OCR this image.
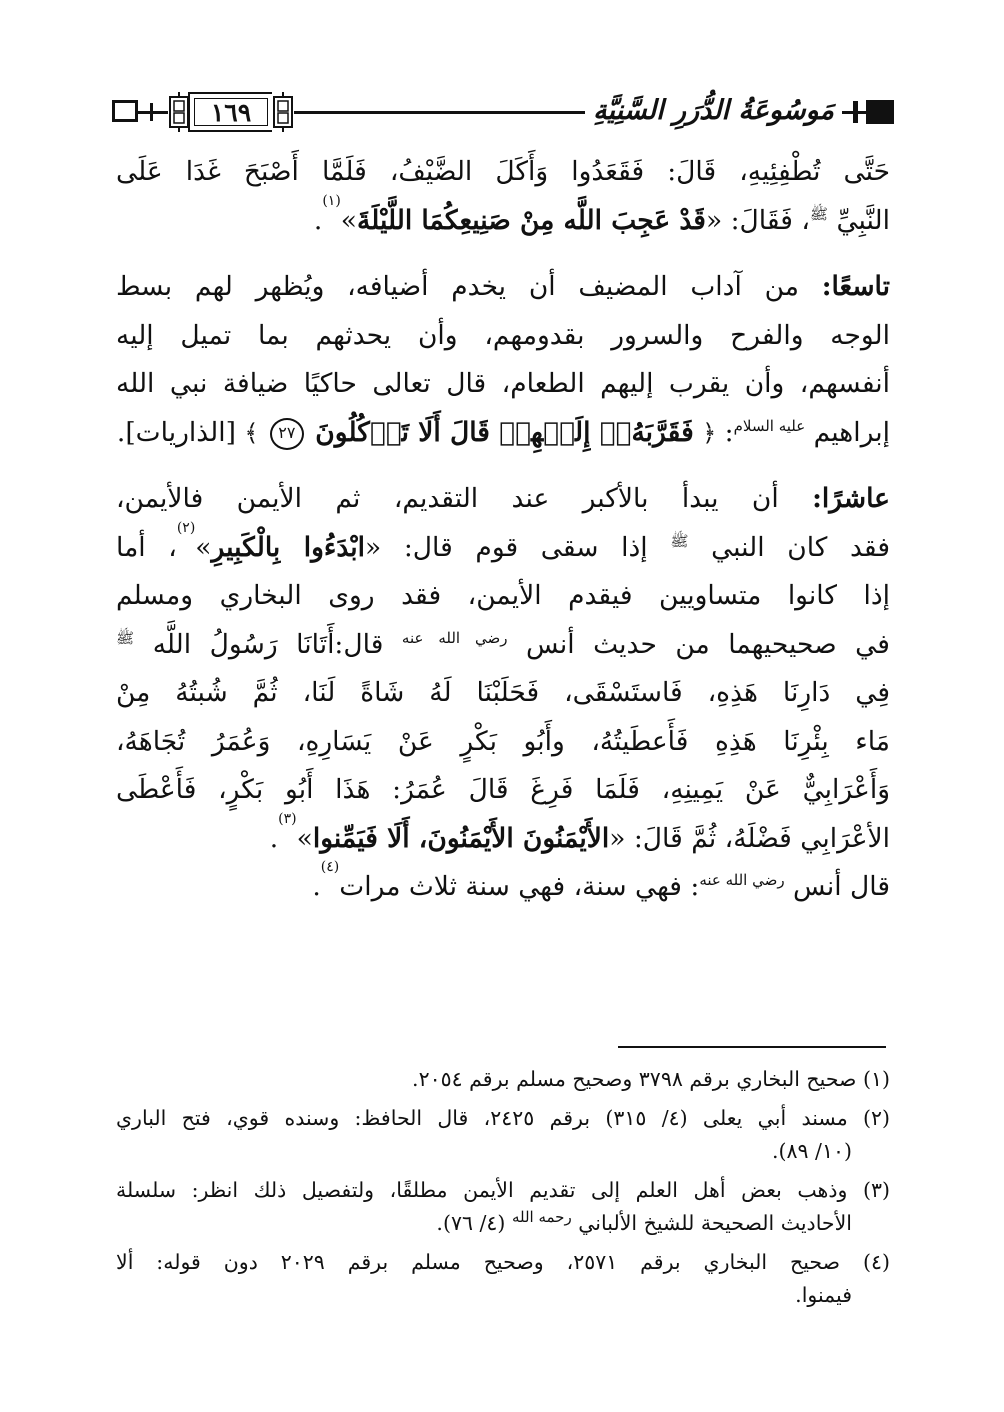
١٦٩	مَوسُوعَةُ الدُّرَرِ السَّنِيَّةِ
حَتَّى تُطْفِئِيهِ، قَالَ: فَقَعَدُوا وَأَكَلَ الضَّيْفُ، فَلَمَّا أَصْبَحَ غَدَا عَلَى
النَّبِيِّ $^ﷺ$، فَقَالَ: «قَدْ عَجِبَ اللَّه مِنْ صَنِيعِكُمَا اللَّيْلَةَ»$^{(١)}$.
تاسعًا: من آداب المضيف أن يخدم أضيافه، ويُظهر لهم بسط
الوجه والفرح والسرور بقدومهم، وأن يحدثهم بما تميل إليه
أنفسهم، وأن يقرب إليهم الطعام، قال تعالى حاكيًا ضيافة نبي الله
إبراهيم $^{عليه السلام}$: ﴿ فَقَرَّبَهُۥٓ إِلَيۡهِمۡ قَالَ أَلَا تَأۡكُلُونَ ٢٧ ﴾ [الذاريات].
عاشرًا: أن يبدأ بالأكبر عند التقديم، ثم الأيمن فالأيمن،
فقد كان النبي $^ﷺ$ إذا سقى قوم قال: «ابْدَءُوا بِالْكَبِيرِ»$^{(٢)}$، أما
إذا كانوا متساويين فيقدم الأيمن، فقد روى البخاري ومسلم
في صحيحيهما من حديث أنس $^{رضي الله عنه}$ قال:أَتَانَا رَسُولُ اللَّه $^ﷺ$
فِي دَارِنَا هَذِهِ، فَاستَسْقَى، فَحَلَبْنَا لَهُ شَاةً لَنَا، ثُمَّ شُبتُهُ مِنْ
مَاء بِئْرِنَا هَذِهِ فَأَعطَيتُهُ، وأَبُو بَكْرٍ عَنْ يَسَارِهِ، وَعُمَرُ تُجَاهَهُ،
وَأَعْرَابِيٌّ عَنْ يَمِينِهِ، فَلَمَا فَرِغَ قَالَ عُمَرُ: هَذَا أَبُو بَكْرٍ، فَأَعْطَى
الأعْرَابِي فَضْلَهُ، ثُمَّ قَالَ: «الأَيْمَنُونَ الأَيْمَنُونَ، أَلَا فَيَمِّنوا»$^{(٣)}$.
قال أنس $^{رضي الله عنه}$: فهي سنة، فهي سنة ثلاث مرات$^{(٤)}$.
(١) صحيح البخاري برقم ٣٧٩٨ وصحيح مسلم برقم ٢٠٥٤.
(٢) مسند أبي يعلى (٤/ ٣١٥) برقم ٢٤٢٥، قال الحافظ: وسنده قوي، فتح الباري
(١٠/ ٨٩).
(٣) وذهب بعض أهل العلم إلى تقديم الأيمن مطلقًا، ولتفصيل ذلك انظر: سلسلة
الأحاديث الصحيحة للشيخ الألباني $^{رحمه الله}$ (٤/ ٧٦).
(٤) صحيح البخاري برقم ٢٥٧١، وصحيح مسلم برقم ٢٠٢٩ دون قوله: ألا
فيمنوا.
